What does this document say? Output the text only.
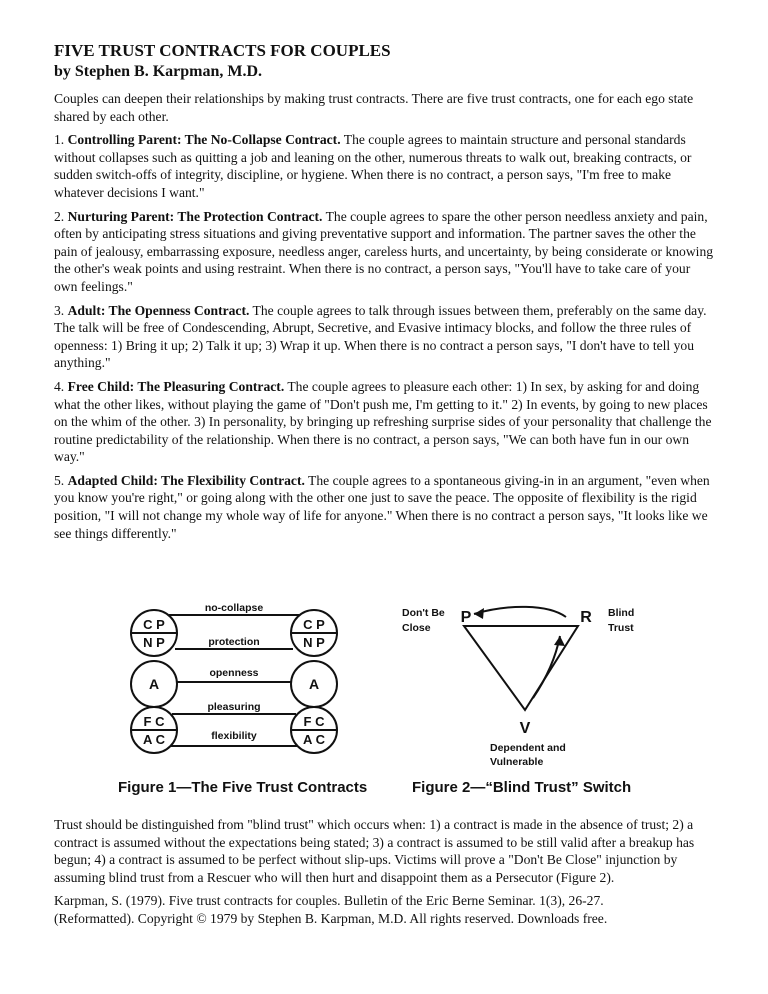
FIVE TRUST CONTRACTS FOR COUPLES
by Stephen B. Karpman, M.D.

Couples can deepen their relationships by making trust contracts. There are five trust contracts, one for each ego state shared by each other.

1. Controlling Parent: The No-Collapse Contract. The couple agrees to maintain structure and personal standards without collapses such as quitting a job and leaning on the other, numerous threats to walk out, breaking contracts, or sudden switch-offs of integrity, discipline, or hygiene. When there is no contract, a person says, "I'm free to make whatever decisions I want."

2. Nurturing Parent: The Protection Contract. The couple agrees to spare the other person needless anxiety and pain, often by anticipating stress situations and giving preventative support and information. The partner saves the other the pain of jealousy, embarrassing exposure, needless anger, careless hurts, and uncertainty, by being considerate or knowing the other's weak points and using restraint. When there is no contract, a person says, "You'll have to take care of your own feelings."

3. Adult: The Openness Contract. The couple agrees to talk through issues between them, preferably on the same day. The talk will be free of Condescending, Abrupt, Secretive, and Evasive intimacy blocks, and follow the three rules of openness: 1) Bring it up; 2) Talk it up; 3) Wrap it up. When there is no contract a person says, "I don't have to tell you anything."

4. Free Child: The Pleasuring Contract. The couple agrees to pleasure each other: 1) In sex, by asking for and doing what the other likes, without playing the game of "Don't push me, I'm getting to it." 2) In events, by going to new places on the whim of the other. 3) In personality, by bringing up refreshing surprise sides of your personality that challenge the routine predictability of the relationship. When there is no contract, a person says, "We can both have fun in our own way."

5. Adapted Child: The Flexibility Contract. The couple agrees to a spontaneous giving-in in an argument, "even when you know you're right," or going along with the other one just to save the peace. The opposite of flexibility is the rigid position, "I will not change my whole way of life for anyone." When there is no contract a person says, "It looks like we see things differently."

C P
N P
A
F C
A C
C P
N P
A
F C
A C
no-collapse
protection
openness
pleasuring
flexibility
P	R
V
Don't Be
Close
Blind
Trust
Dependent and
Vulnerable
Figure 1—The Five Trust Contracts	Figure 2—“Blind Trust” Switch

Trust should be distinguished from "blind trust" which occurs when: 1) a contract is made in the absence of trust; 2) a contract is assumed without the expectations being stated; 3) a contract is assumed to be still valid after a breakup has begun; 4) a contract is assumed to be perfect without slip-ups. Victims will prove a "Don't Be Close" injunction by assuming blind trust from a Rescuer who will then hurt and disappoint them as a Persecutor (Figure 2).

Karpman, S. (1979). Five trust contracts for couples. Bulletin of the Eric Berne Seminar. 1(3), 26-27.

(Reformatted). Copyright © 1979 by Stephen B. Karpman, M.D. All rights reserved. Downloads free.
